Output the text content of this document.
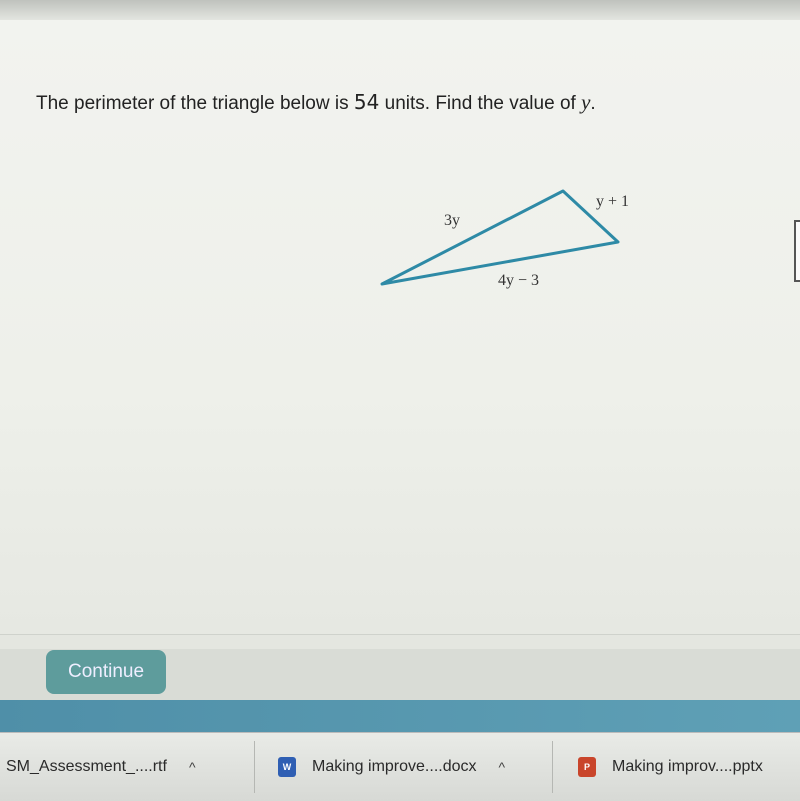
The perimeter of the triangle below is 54 units. Find the value of y.

3y
y + 1
4y − 3
Continue
SM_Assessment_....rtf ^	W Making improve....docx ^	P	Making improv....pptx
